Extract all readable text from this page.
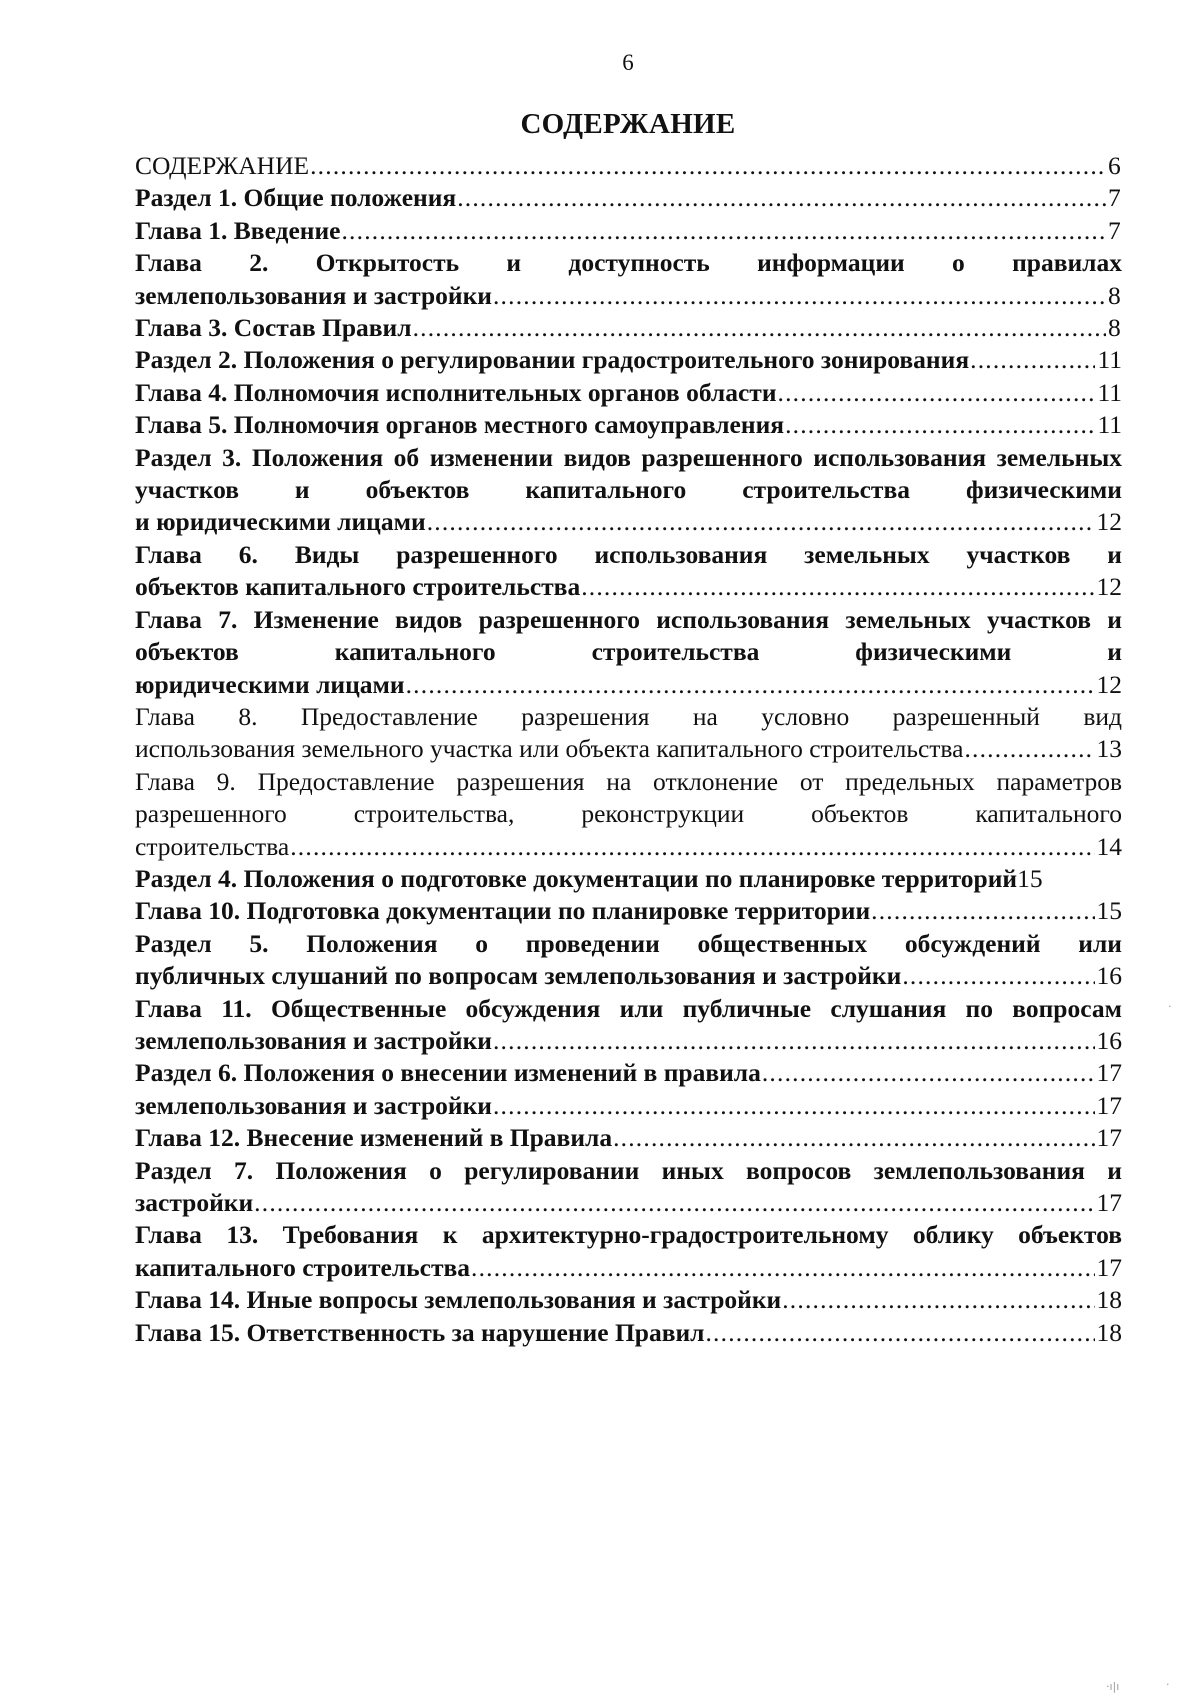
6
СОДЕРЖАНИЕ
СОДЕРЖАНИЕ .....	6
Раздел 1. Общие положения .....	7
Глава 1. Введение .....	7
Глава 2. Открытость и доступность информации о правилах
землепользования и застройки .....	8
Глава 3. Состав Правил .....	8
Раздел 2. Положения о регулировании градостроительного зонирования .....	11
Глава 4. Полномочия исполнительных органов области .....	11
Глава 5. Полномочия органов местного самоуправления .....	11
Раздел 3. Положения об изменении видов разрешенного использования земельных участков и объектов капитального строительства физическими
и юридическими лицами .....	12
Глава 6. Виды разрешенного использования земельных участков и
объектов капитального строительства .....	12
Глава 7. Изменение видов разрешенного использования земельных участков и объектов капитального строительства физическими и
юридическими лицами .....	12
Глава 8. Предоставление разрешения на условно разрешенный вид
использования земельного участка или объекта капитального строительства .....	13
Глава 9. Предоставление разрешения на отклонение от предельных параметров разрешенного строительства, реконструкции объектов капитального
строительства .....	14
Раздел 4. Положения о подготовке документации по планировке территорий 15
Глава 10. Подготовка документации по планировке территории .....	15
Раздел 5. Положения о проведении общественных обсуждений или
публичных слушаний по вопросам землепользования и застройки .....	16
Глава 11. Общественные обсуждения или публичные слушания по вопросам
землепользования и застройки .....	16
Раздел 6. Положения о внесении изменений в правила .....	17
землепользования и застройки .....	17
Глава 12. Внесение изменений в Правила .....	17
Раздел 7. Положения о регулировании иных вопросов землепользования и
застройки .....	17
Глава 13. Требования к архитектурно-градостроительному облику объектов
капитального строительства .....	17
Глава 14. Иные вопросы землепользования и застройки .....	18
Глава 15. Ответственность за нарушение Правил .....	18
·
·ı|ı	·
